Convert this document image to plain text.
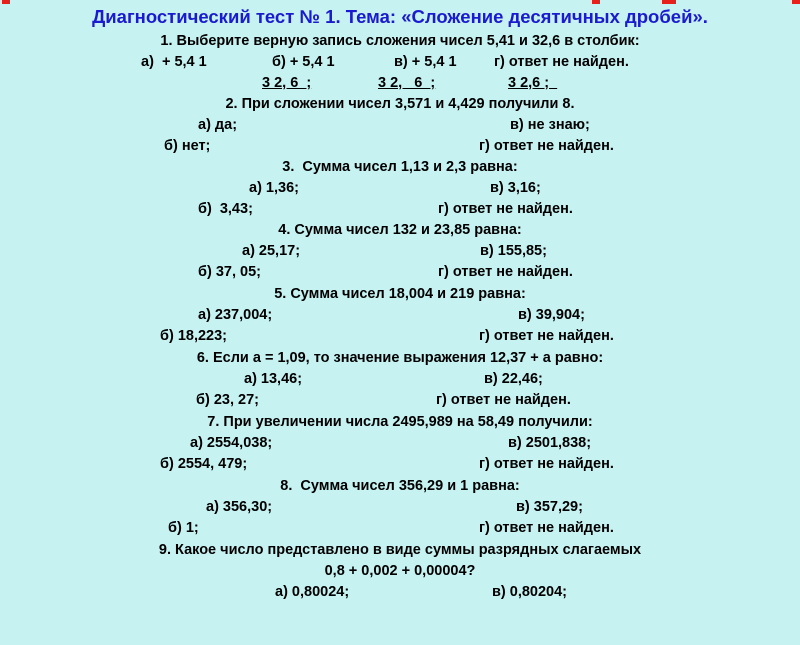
Диагностический тест № 1. Тема: «Сложение десятичных дробей».
1. Выберите верную запись сложения чисел 5,41 и 32,6 в столбик:

а)  + 5,4 1

	б) + 5,4 1

	в) + 5,4 1

	г) ответ не найден.

3 2, 6  ;

	3 2,   6  ;

	3 2,6 ;

2. При сложении чисел 3,571 и 4,429 получили 8.

а) да;

	в) не знаю;

б) нет;

	г) ответ не найден.

3.  Сумма чисел 1,13 и 2,3 равна:

а) 1,36;

	в) 3,16;

б)  3,43;

	г) ответ не найден.

4. Сумма чисел 132 и 23,85 равна:

а) 25,17;

	в) 155,85;

б) 37, 05;

	г) ответ не найден.

5. Сумма чисел 18,004 и 219 равна:

а) 237,004;

	в) 39,904;

б) 18,223;

	г) ответ не найден.

6. Если а = 1,09, то значение выражения 12,37 + а равно:

а) 13,46;

	в) 22,46;

б) 23, 27;

	г) ответ не найден.

7. При увеличении числа 2495,989 на 58,49 получили:

а) 2554,038;

	в) 2501,838;

б) 2554, 479;

	г) ответ не найден.

8.  Сумма чисел 356,29 и 1 равна:

а) 356,30;

	в) 357,29;

б) 1;

	г) ответ не найден.

9. Какое число представлено в виде суммы разрядных слагаемых
0,8 + 0,002 + 0,00004?

а) 0,80024;

	в) 0,80204;
